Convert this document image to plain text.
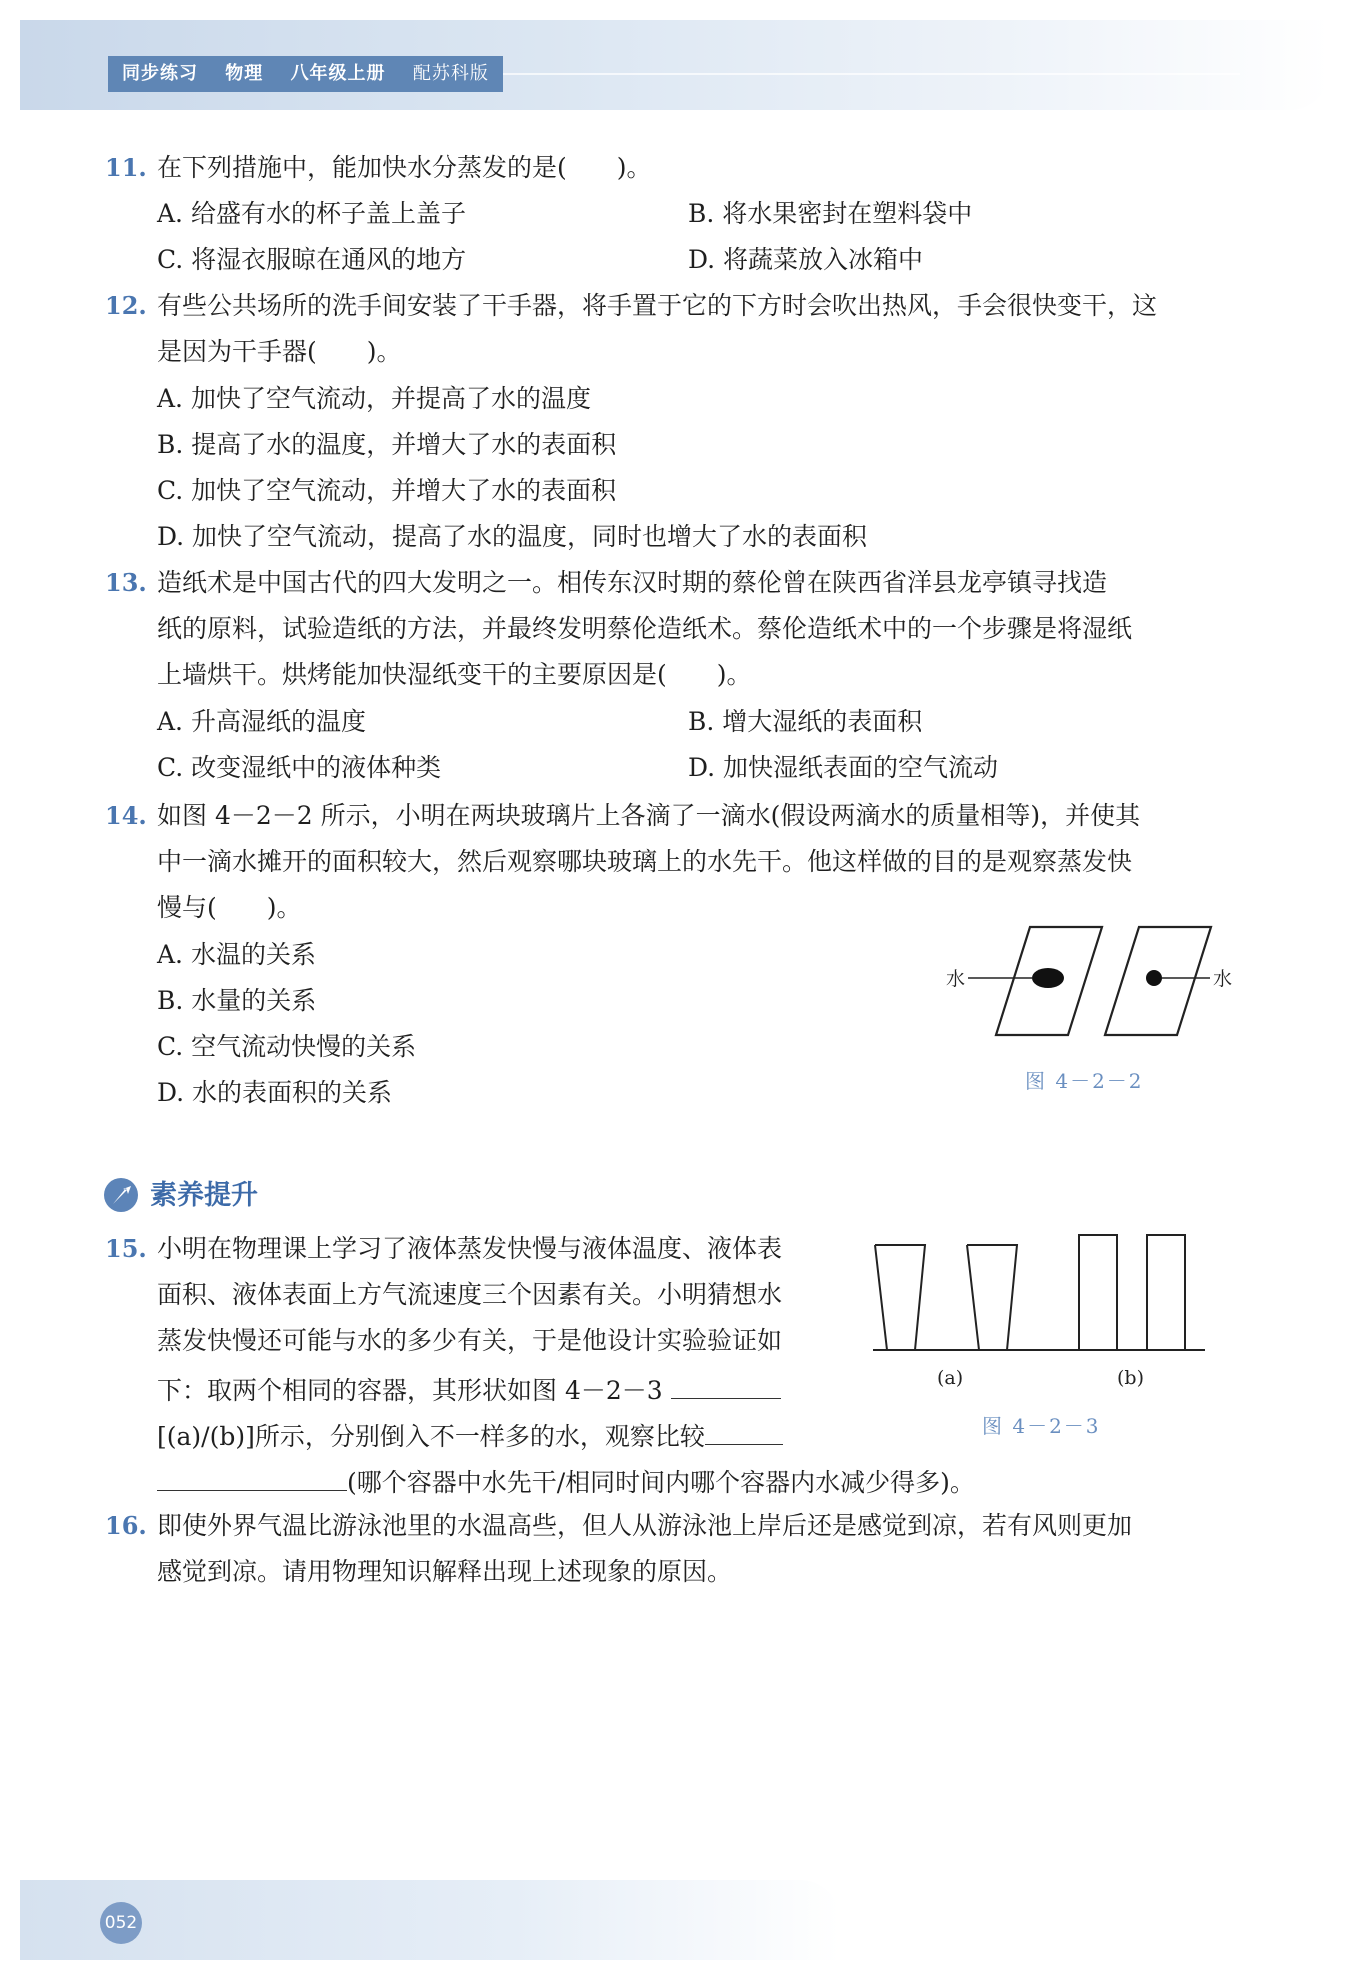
同步练习 物理 八年级上册 配苏科版
11. 在下列措施中，能加快水分蒸发的是(　　)。
A. 给盛有水的杯子盖上盖子	B. 将水果密封在塑料袋中
C. 将湿衣服晾在通风的地方	D. 将蔬菜放入冰箱中
12. 有些公共场所的洗手间安装了干手器，将手置于它的下方时会吹出热风，手会很快变干，这
是因为干手器(　　)。
A. 加快了空气流动，并提高了水的温度
B. 提高了水的温度，并增大了水的表面积
C. 加快了空气流动，并增大了水的表面积
D. 加快了空气流动，提高了水的温度，同时也增大了水的表面积
13. 造纸术是中国古代的四大发明之一。相传东汉时期的蔡伦曾在陕西省洋县龙亭镇寻找造
纸的原料，试验造纸的方法，并最终发明蔡伦造纸术。蔡伦造纸术中的一个步骤是将湿纸
上墙烘干。烘烤能加快湿纸变干的主要原因是(　　)。
A. 升高湿纸的温度	B. 增大湿纸的表面积
C. 改变湿纸中的液体种类	D. 加快湿纸表面的空气流动
14. 如图 4－2－2 所示，小明在两块玻璃片上各滴了一滴水(假设两滴水的质量相等)，并使其
中一滴水摊开的面积较大，然后观察哪块玻璃上的水先干。他这样做的目的是观察蒸发快
慢与(　　)。
A. 水温的关系
B. 水量的关系
C. 空气流动快慢的关系
D. 水的表面积的关系
水	水
图 4－2－2
素养提升
15. 小明在物理课上学习了液体蒸发快慢与液体温度、液体表
面积、液体表面上方气流速度三个因素有关。小明猜想水
蒸发快慢还可能与水的多少有关，于是他设计实验验证如
下：取两个相同的容器，其形状如图 4－2－3
[(a)/(b)]所示，分别倒入不一样多的水，观察比较
(哪个容器中水先干/相同时间内哪个容器内水减少得多)。
(a)	(b)
图 4－2－3
16. 即使外界气温比游泳池里的水温高些，但人从游泳池上岸后还是感觉到凉，若有风则更加
感觉到凉。请用物理知识解释出现上述现象的原因。
052
